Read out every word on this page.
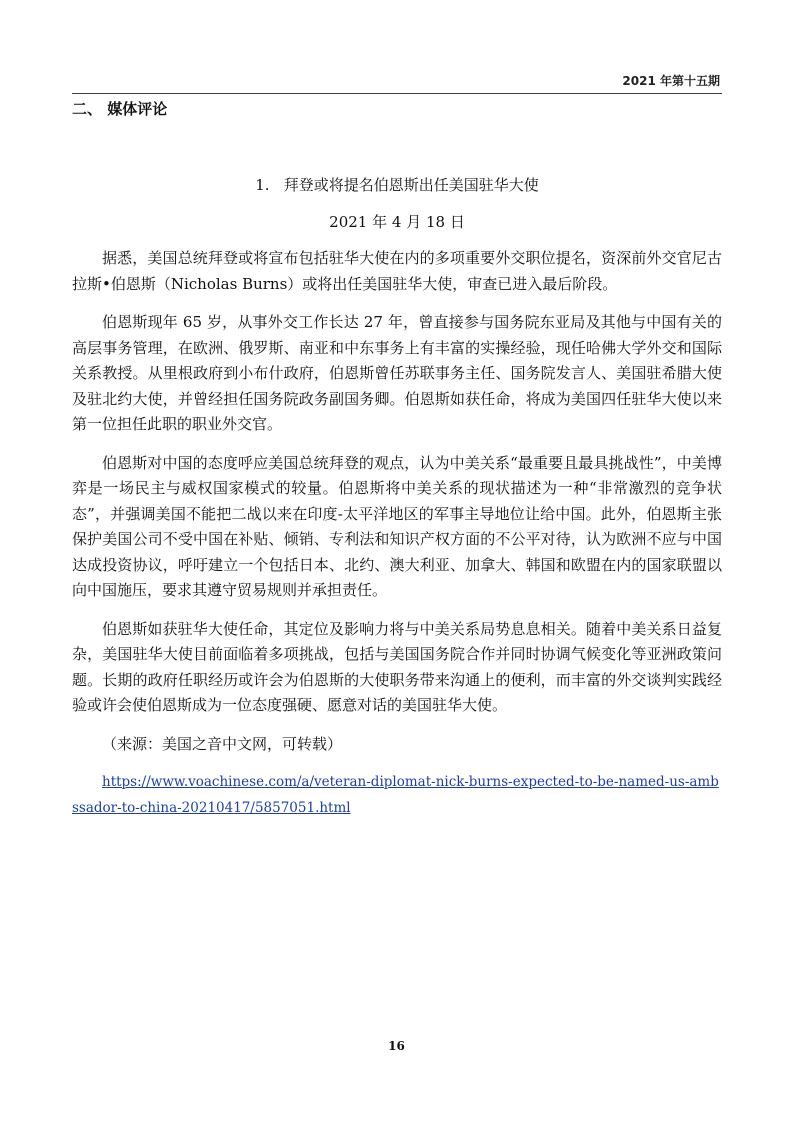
2021 年第十五期
二、 媒体评论
1.   拜登或将提名伯恩斯出任美国驻华大使
2021 年 4 月 18 日

据悉，美国总统拜登或将宣布包括驻华大使在内的多项重要外交职位提名，资深前外交官尼古拉斯•伯恩斯（Nicholas Burns）或将出任美国驻华大使，审查已进入最后阶段。

伯恩斯现年 65 岁，从事外交工作长达 27 年，曾直接参与国务院东亚局及其他与中国有关的高层事务管理，在欧洲、俄罗斯、南亚和中东事务上有丰富的实操经验，现任哈佛大学外交和国际关系教授。从里根政府到小布什政府，伯恩斯曾任苏联事务主任、国务院发言人、美国驻希腊大使及驻北约大使，并曾经担任国务院政务副国务卿。伯恩斯如获任命，将成为美国四任驻华大使以来第一位担任此职的职业外交官。

伯恩斯对中国的态度呼应美国总统拜登的观点，认为中美关系“最重要且最具挑战性”，中美博弈是一场民主与威权国家模式的较量。伯恩斯将中美关系的现状描述为一种“非常激烈的竞争状态”，并强调美国不能把二战以来在印度-太平洋地区的军事主导地位让给中国。此外，伯恩斯主张保护美国公司不受中国在补贴、倾销、专利法和知识产权方面的不公平对待，认为欧洲不应与中国达成投资协议，呼吁建立一个包括日本、北约、澳大利亚、加拿大、韩国和欧盟在内的国家联盟以向中国施压，要求其遵守贸易规则并承担责任。

伯恩斯如获驻华大使任命，其定位及影响力将与中美关系局势息息相关。随着中美关系日益复杂，美国驻华大使目前面临着多项挑战，包括与美国国务院合作并同时协调气候变化等亚洲政策问题。长期的政府任职经历或许会为伯恩斯的大使职务带来沟通上的便利，而丰富的外交谈判实践经验或许会使伯恩斯成为一位态度强硬、愿意对话的美国驻华大使。

（来源：美国之音中文网，可转载）

https://www.voachinese.com/a/veteran-diplomat-nick-burns-expected-to-be-named-us-ambssador-to-china-20210417/5857051.html

16
